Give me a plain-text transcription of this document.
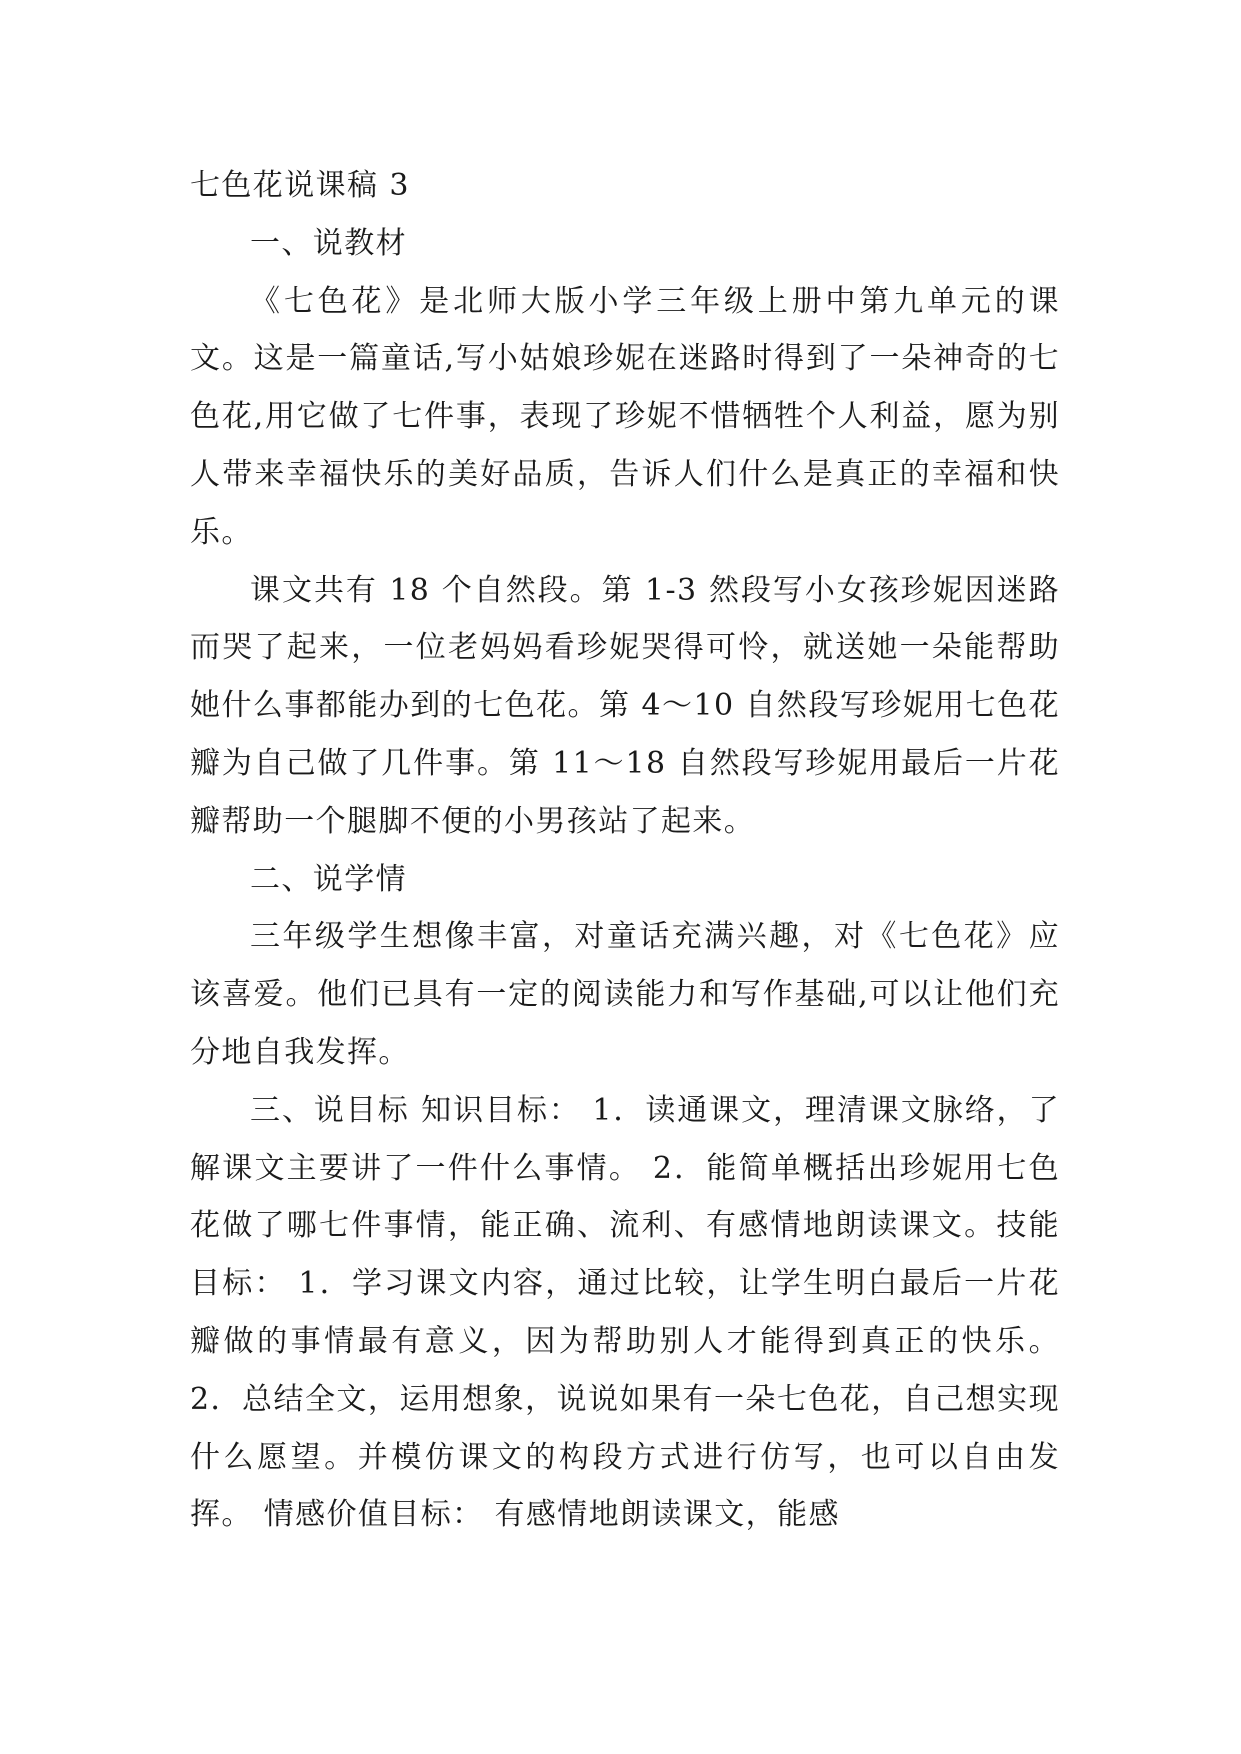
七色花说课稿 3

一、说教材

《七色花》是北师大版小学三年级上册中第九单元的课文。这是一篇童话,写小姑娘珍妮在迷路时得到了一朵神奇的七色花,用它做了七件事，表现了珍妮不惜牺牲个人利益，愿为别人带来幸福快乐的美好品质，告诉人们什么是真正的幸福和快乐。

课文共有 18 个自然段。第 1-3 然段写小女孩珍妮因迷路而哭了起来，一位老妈妈看珍妮哭得可怜，就送她一朵能帮助她什么事都能办到的七色花。第 4～10 自然段写珍妮用七色花瓣为自己做了几件事。第 11～18 自然段写珍妮用最后一片花瓣帮助一个腿脚不便的小男孩站了起来。

二、说学情

三年级学生想像丰富，对童话充满兴趣，对《七色花》应该喜爱。他们已具有一定的阅读能力和写作基础,可以让他们充分地自我发挥。

三、说目标 知识目标： 1．读通课文，理清课文脉络，了解课文主要讲了一件什么事情。 2．能简单概括出珍妮用七色花做了哪七件事情，能正确、流利、有感情地朗读课文。技能目标： 1．学习课文内容，通过比较，让学生明白最后一片花瓣做的事情最有意义，因为帮助别人才能得到真正的快乐。 2．总结全文，运用想象，说说如果有一朵七色花，自己想实现什么愿望。并模仿课文的构段方式进行仿写，也可以自由发挥。 情感价值目标： 有感情地朗读课文，能感
